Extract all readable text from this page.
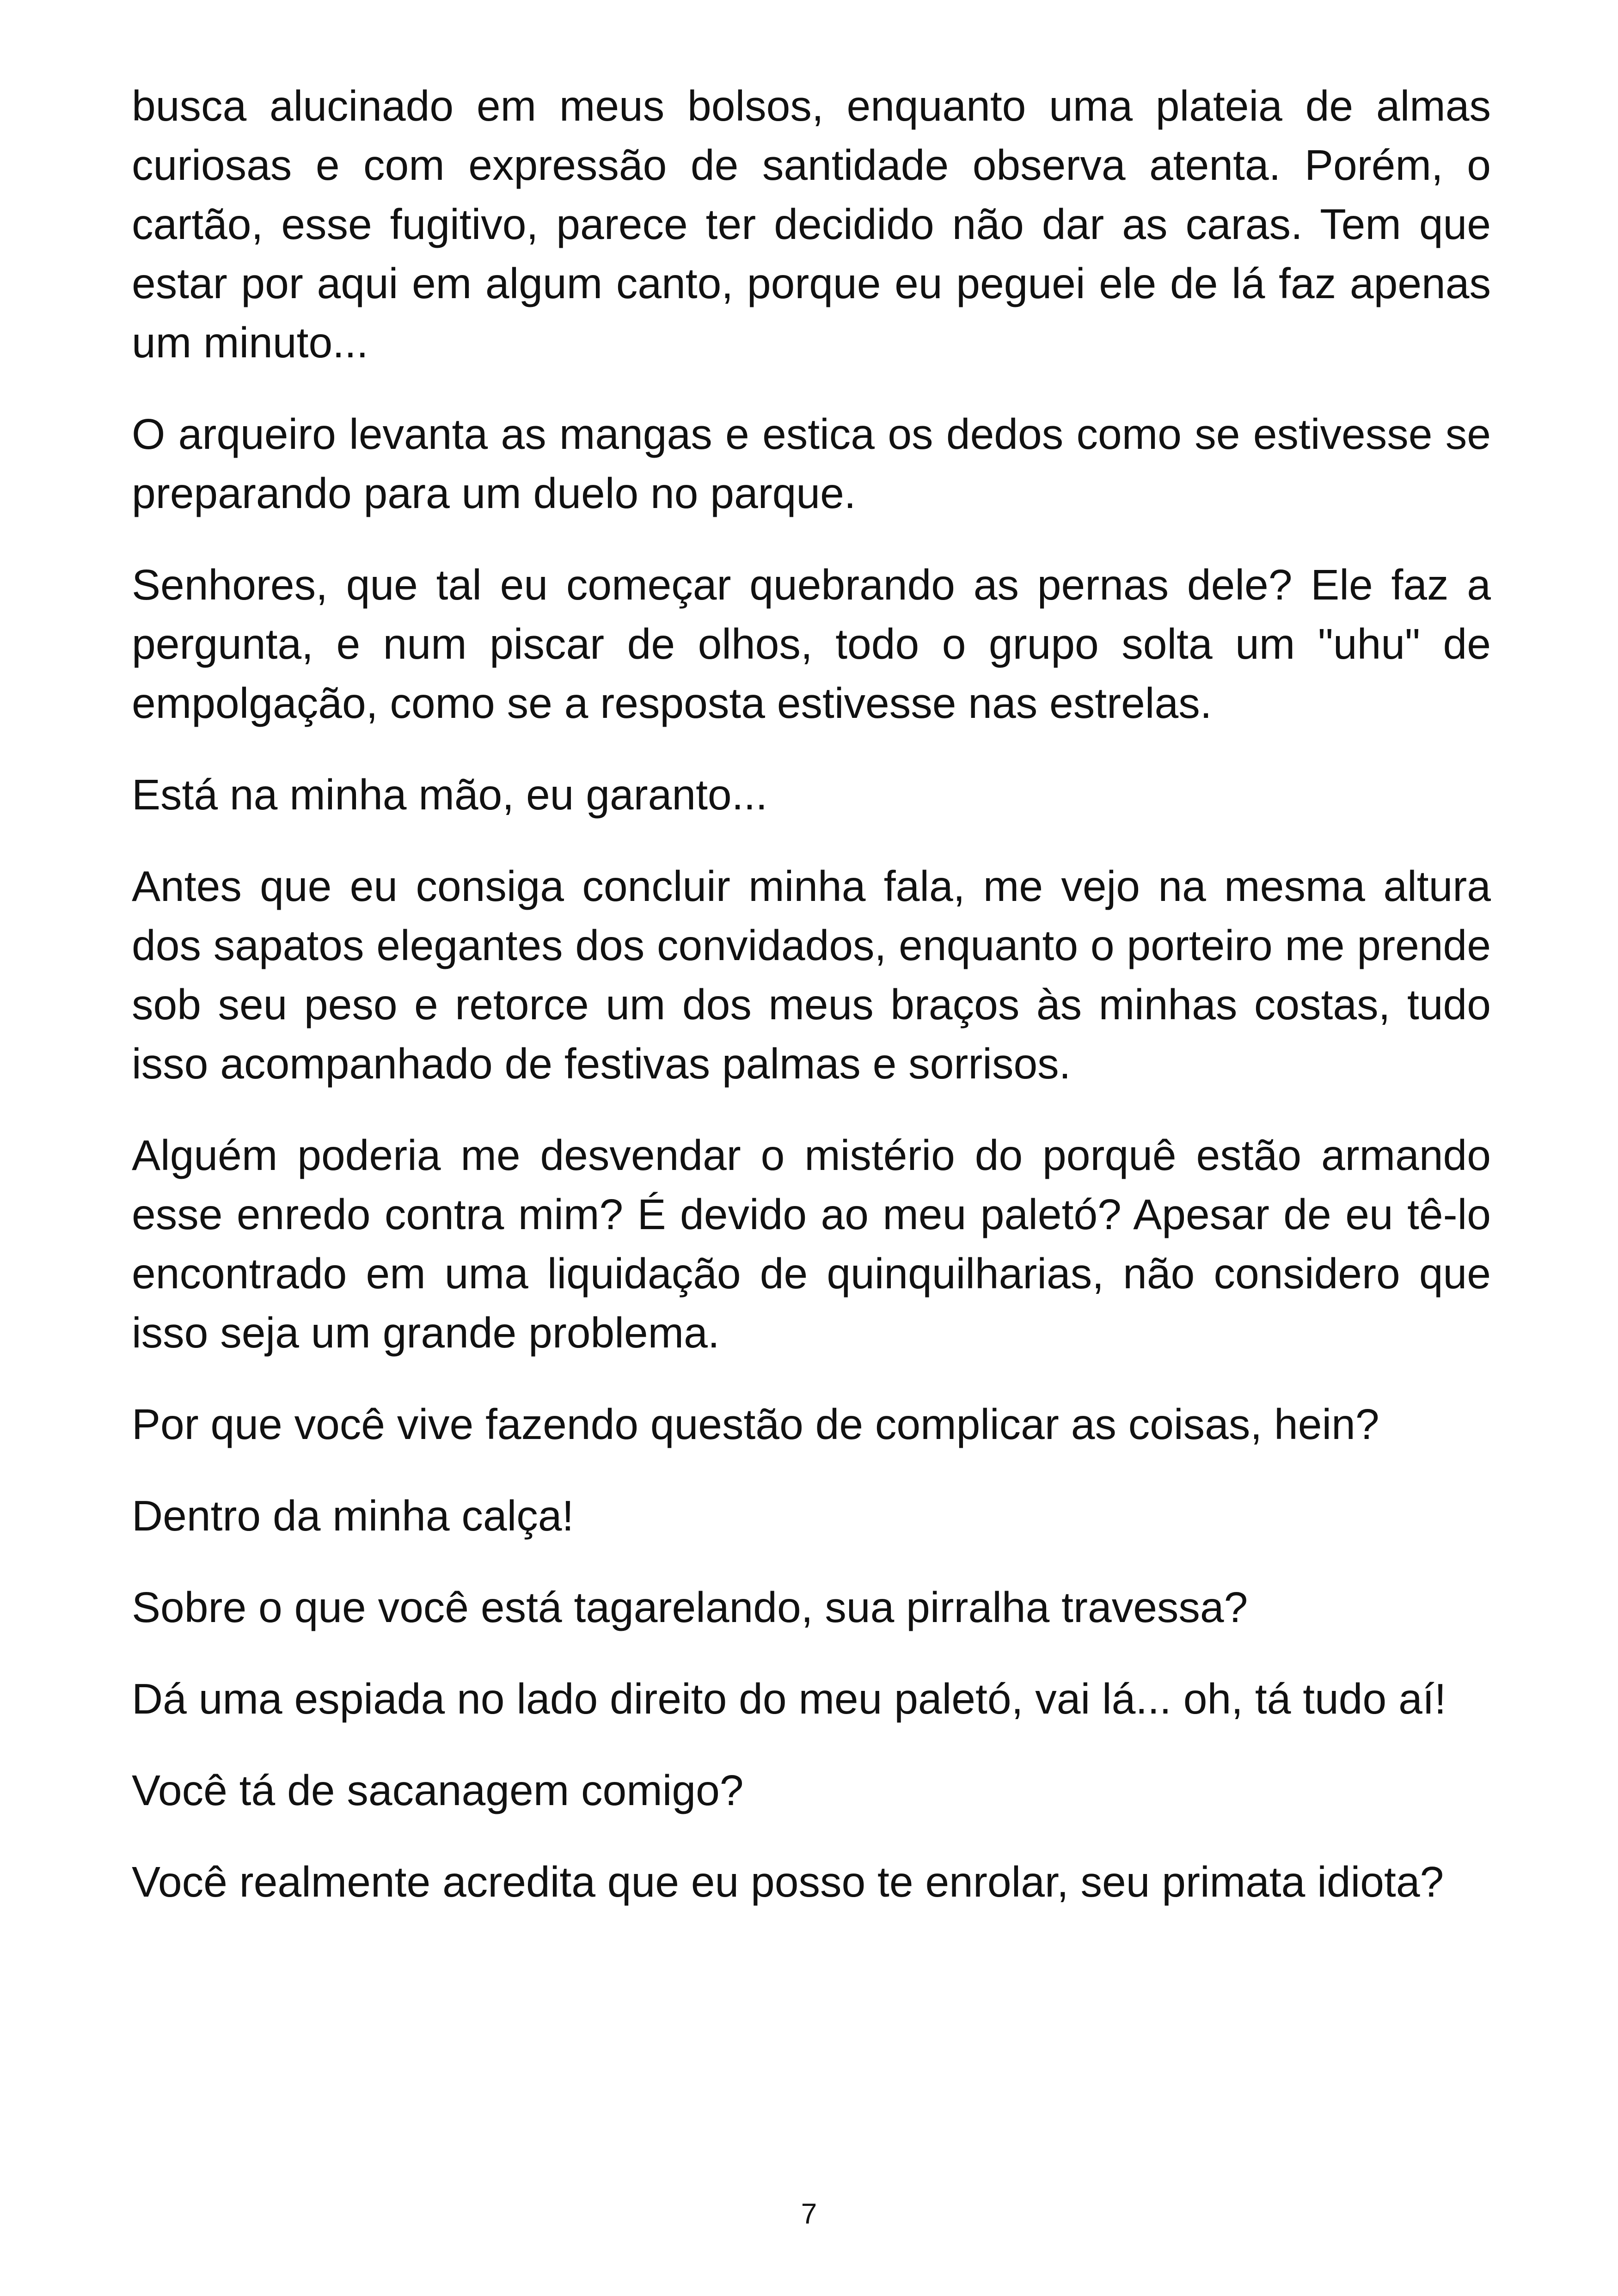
busca alucinado em meus bolsos, enquanto uma plateia de almas curiosas e com expressão de santidade observa atenta. Porém, o cartão, esse fugitivo, parece ter decidido não dar as caras. Tem que estar por aqui em algum canto, porque eu peguei ele de lá faz apenas um minuto...

O arqueiro levanta as mangas e estica os dedos como se estivesse se preparando para um duelo no parque.

Senhores, que tal eu começar quebrando as pernas dele? Ele faz a pergunta, e num piscar de olhos, todo o grupo solta um "uhu" de empolgação, como se a resposta estivesse nas estrelas.

Está na minha mão, eu garanto...

Antes que eu consiga concluir minha fala, me vejo na mesma altura dos sapatos elegantes dos convidados, enquanto o porteiro me prende sob seu peso e retorce um dos meus braços às minhas costas, tudo isso acompanhado de festivas palmas e sorrisos.

Alguém poderia me desvendar o mistério do porquê estão armando esse enredo contra mim? É devido ao meu paletó? Apesar de eu tê-lo encontrado em uma liquidação de quinquilharias, não considero que isso seja um grande problema.

Por que você vive fazendo questão de complicar as coisas, hein?

Dentro da minha calça!

Sobre o que você está tagarelando, sua pirralha travessa?

Dá uma espiada no lado direito do meu paletó, vai lá... oh, tá tudo aí!

Você tá de sacanagem comigo?

Você realmente acredita que eu posso te enrolar, seu primata idiota?

7
